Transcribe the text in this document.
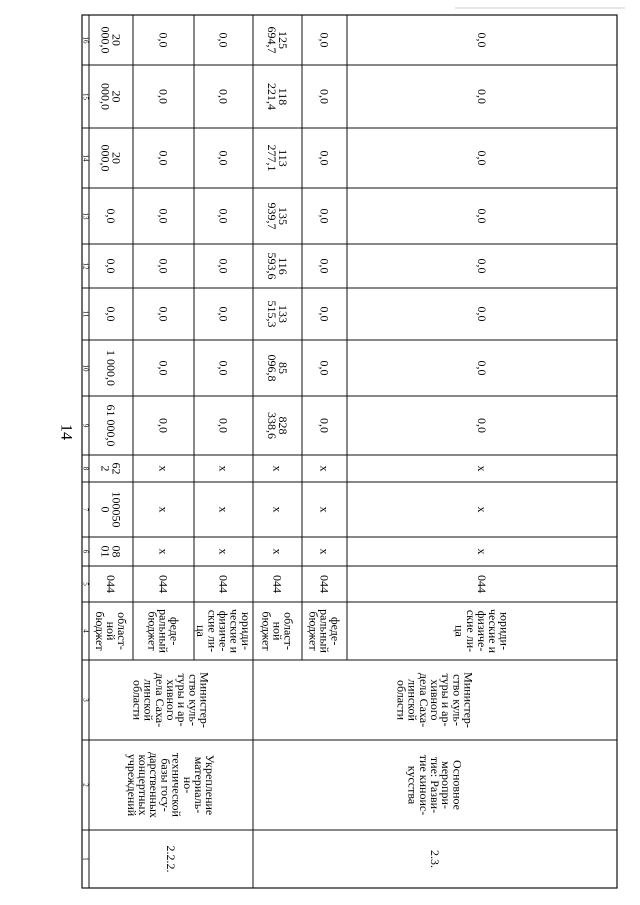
14
1
2
3
4
5
6
7
8
9
10
11
12
13
14
15
16
2.2.2.
Укрепление
материаль-
но-
технической
базы госу-
дарственных
концертных
учреждений
Министер-
ство куль-
туры и ар-
хивного
дела Саха-
линской
области
област-
ной
бюджет
044
08
01
100050
0
62
2
61 000,0
1 000,0
0,0
0,0
0,0
20
000,0
20
000,0
20
000,0
феде-
ральный
бюджет
044
x
x
x
0,0
0,0
0,0
0,0
0,0
0,0
0,0
0,0
юриди-
ческие и
физиче-
ские ли-
ца
044
x
x
x
0,0
0,0
0,0
0,0
0,0
0,0
0,0
0,0
2.3.
Основное
меропри-
тие: Разви-
тие киноис-
кусства
Министер-
ство куль-
туры и ар-
хивного
дела Саха-
линской
области
област-
ной
бюджет
044
x
x
x
828
338,6
85
096,8
133
515,3
116
593,6
135
939,7
113
277,1
118
221,4
125
694,7
феде-
ральный
бюджет
044
x
x
x
0,0
0,0
0,0
0,0
0,0
0,0
0,0
0,0
юриди-
ческие и
физиче-
ские ли-
ца
044
x
x
x
0,0
0,0
0,0
0,0
0,0
0,0
0,0
0,0
